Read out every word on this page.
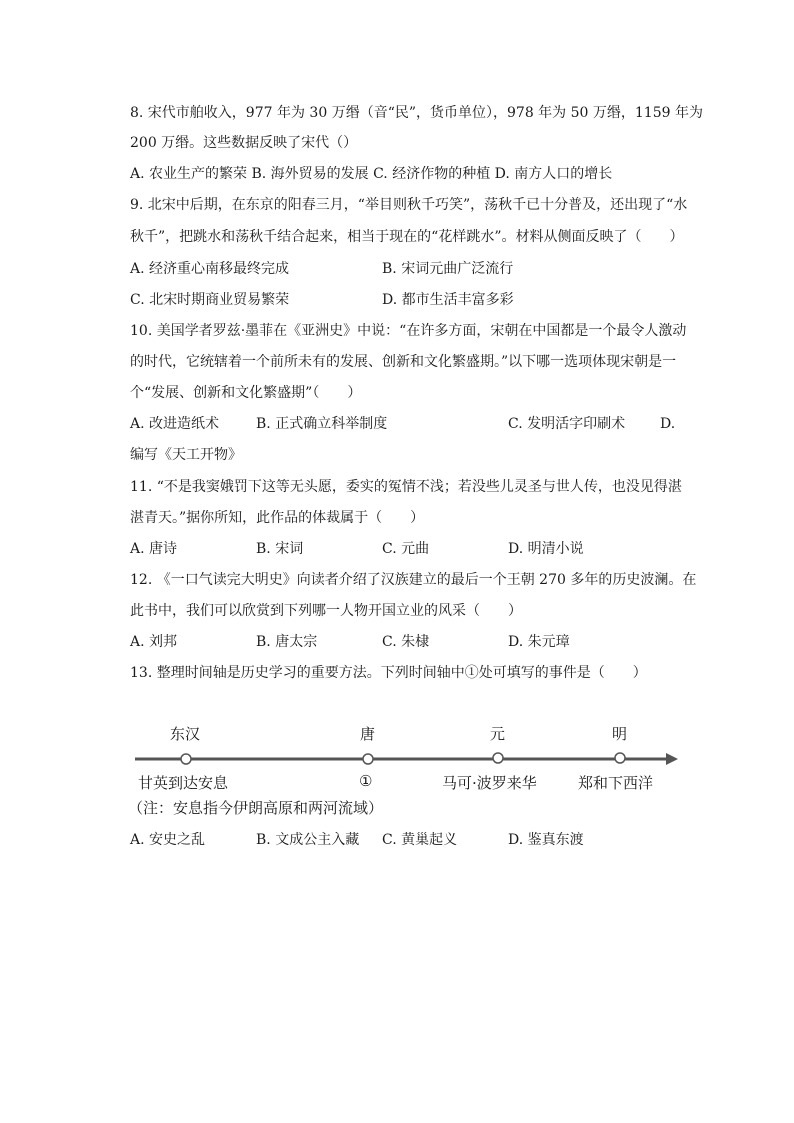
8. 宋代市舶收入，977 年为 30 万缗（音“民”，货币单位），978 年为 50 万缗，1159 年为
200 万缗。这些数据反映了宋代（）
A. 农业生产的繁荣 B. 海外贸易的发展 C. 经济作物的种植 D. 南方人口的增长
9. 北宋中后期，在东京的阳春三月，“举目则秋千巧笑”，荡秋千已十分普及，还出现了“水
秋千”，把跳水和荡秋千结合起来，相当于现在的“花样跳水”。材料从侧面反映了（　　）
A. 经济重心南移最终完成	B. 宋词元曲广泛流行
C. 北宋时期商业贸易繁荣	D. 都市生活丰富多彩
10. 美国学者罗兹·墨菲在《亚洲史》中说：“在许多方面，宋朝在中国都是一个最令人激动
的时代，它统辖着一个前所未有的发展、创新和文化繁盛期。”以下哪一选项体现宋朝是一
个“发展、创新和文化繁盛期”（　　）
A. 改进造纸术	B. 正式确立科举制度	C. 发明活字印刷术 D.
编写《天工开物》
11. “不是我窦娥罚下这等无头愿，委实的冤情不浅；若没些儿灵圣与世人传，也没见得湛
湛青天。”据你所知，此作品的体裁属于（　　）
A. 唐诗	B. 宋词	C. 元曲	D. 明清小说
12. 《一口气读完大明史》向读者介绍了汉族建立的最后一个王朝 270 多年的历史波澜。在
此书中，我们可以欣赏到下列哪一人物开国立业的风采（　　）
A. 刘邦	B. 唐太宗	C. 朱棣	D. 朱元璋
13. 整理时间轴是历史学习的重要方法。下列时间轴中①处可填写的事件是（　　）
东汉	唐	元	明
甘英到达安息	①	马可·波罗来华	郑和下西洋
（注：安息指今伊朗高原和两河流域）
A. 安史之乱	B. 文成公主入藏 C. 黄巢起义	D. 鉴真东渡
